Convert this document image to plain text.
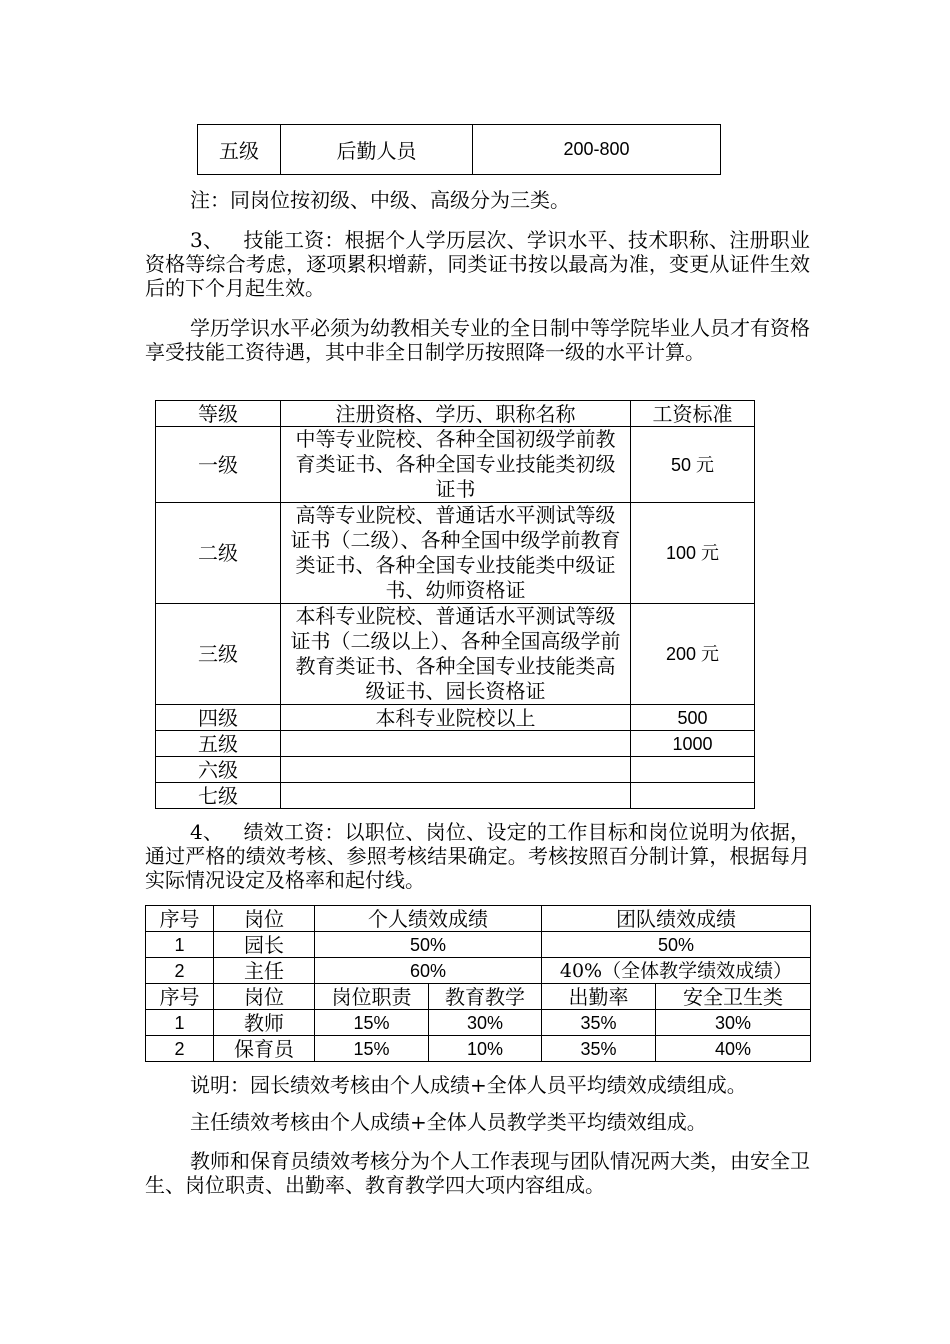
五级	后勤人员	200-800
注：同岗位按初级、中级、高级分为三类。
3、  技能工资：根据个人学历层次、学识水平、技术职称、注册职业资格等综合考虑，逐项累积增薪，同类证书按以最高为准，变更从证件生效后的下个月起生效。
学历学识水平必须为幼教相关专业的全日制中等学院毕业人员才有资格享受技能工资待遇，其中非全日制学历按照降一级的水平计算。
等级	注册资格、学历、职称名称	工资标准
一级	中等专业院校、各种全国初级学前教育类证书、各种全国专业技能类初级证书	50 元
二级	高等专业院校、普通话水平测试等级证书（二级）、各种全国中级学前教育类证书、各种全国专业技能类中级证书、幼师资格证	100 元
三级	本科专业院校、普通话水平测试等级证书（二级以上）、各种全国高级学前教育类证书、各种全国专业技能类高级证书、园长资格证	200 元
四级	本科专业院校以上	500
五级		1000
六级		
七级		
4、  绩效工资：以职位、岗位、设定的工作目标和岗位说明为依据，通过严格的绩效考核、参照考核结果确定。考核按照百分制计算，根据每月实际情况设定及格率和起付线。
序号	岗位	个人绩效成绩		团队绩效成绩	
1	园长	50%		50%	
2	主任	60%		40%（全体教学绩效成绩）	
序号	岗位	岗位职责	教育教学	出勤率	安全卫生类
1	教师	15%	30%	35%	30%
2	保育员	15%	10%	35%	40%
说明：园长绩效考核由个人成绩+全体人员平均绩效成绩组成。
主任绩效考核由个人成绩+全体人员教学类平均绩效组成。
教师和保育员绩效考核分为个人工作表现与团队情况两大类，由安全卫生、岗位职责、出勤率、教育教学四大项内容组成。
